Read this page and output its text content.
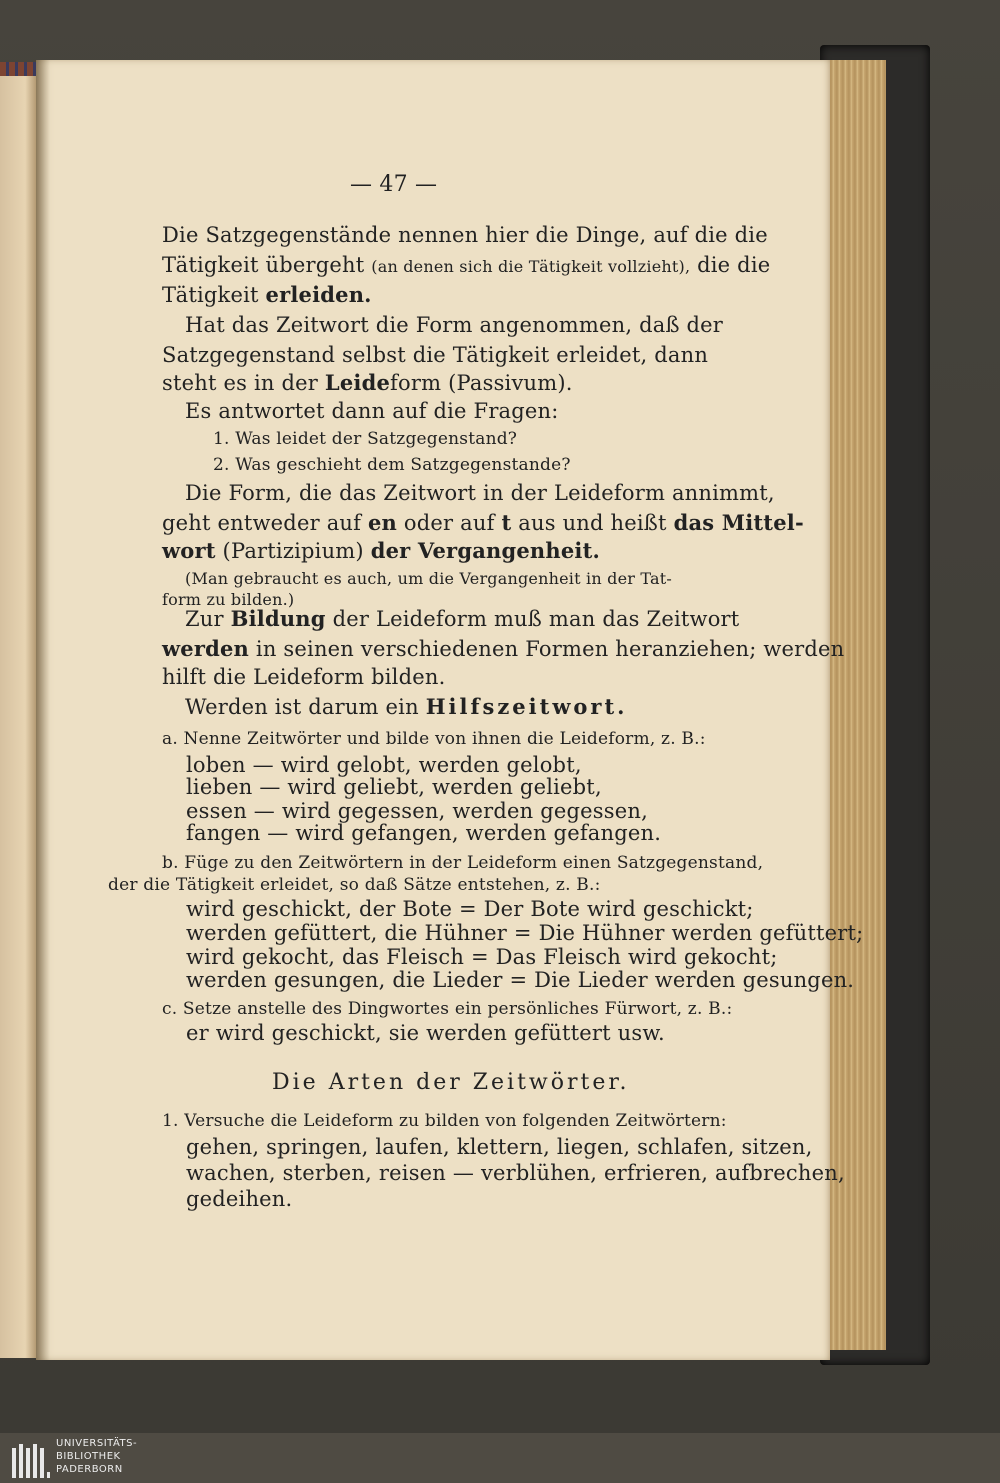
— 47 —
Die Satzgegenstände nennen hier die Dinge, auf die die
Tätigkeit übergeht (an denen sich die Tätigkeit vollzieht), die die
Tätigkeit erleiden.
Hat das Zeitwort die Form angenommen, daß der
Satzgegenstand selbst die Tätigkeit erleidet, dann
steht es in der Leideform (Passivum).
Es antwortet dann auf die Fragen:
1. Was leidet der Satzgegenstand?
2. Was geschieht dem Satzgegenstande?
Die Form, die das Zeitwort in der Leideform annimmt,
geht entweder auf en oder auf t aus und heißt das Mittel-
wort (Partizipium) der Vergangenheit.
(Man gebraucht es auch, um die Vergangenheit in der Tat-
form zu bilden.)
Zur Bildung der Leideform muß man das Zeitwort
werden in seinen verschiedenen Formen heranziehen; werden
hilft die Leideform bilden.
Werden ist darum ein Hilfszeitwort.
a. Nenne Zeitwörter und bilde von ihnen die Leideform, z. B.:
loben — wird gelobt, werden gelobt,
lieben — wird geliebt, werden geliebt,
essen — wird gegessen, werden gegessen,
fangen — wird gefangen, werden gefangen.
b. Füge zu den Zeitwörtern in der Leideform einen Satzgegenstand,
der die Tätigkeit erleidet, so daß Sätze entstehen, z. B.:
wird geschickt, der Bote = Der Bote wird geschickt;
werden gefüttert, die Hühner = Die Hühner werden gefüttert;
wird gekocht, das Fleisch = Das Fleisch wird gekocht;
werden gesungen, die Lieder = Die Lieder werden gesungen.
c. Setze anstelle des Dingwortes ein persönliches Fürwort, z. B.:
er wird geschickt, sie werden gefüttert usw.
Die Arten der Zeitwörter.
1. Versuche die Leideform zu bilden von folgenden Zeitwörtern:
gehen, springen, laufen, klettern, liegen, schlafen, sitzen,
wachen, sterben, reisen — verblühen, erfrieren, aufbrechen,
gedeihen.
UNIVERSITÄTS-
BIBLIOTHEK
PADERBORN
